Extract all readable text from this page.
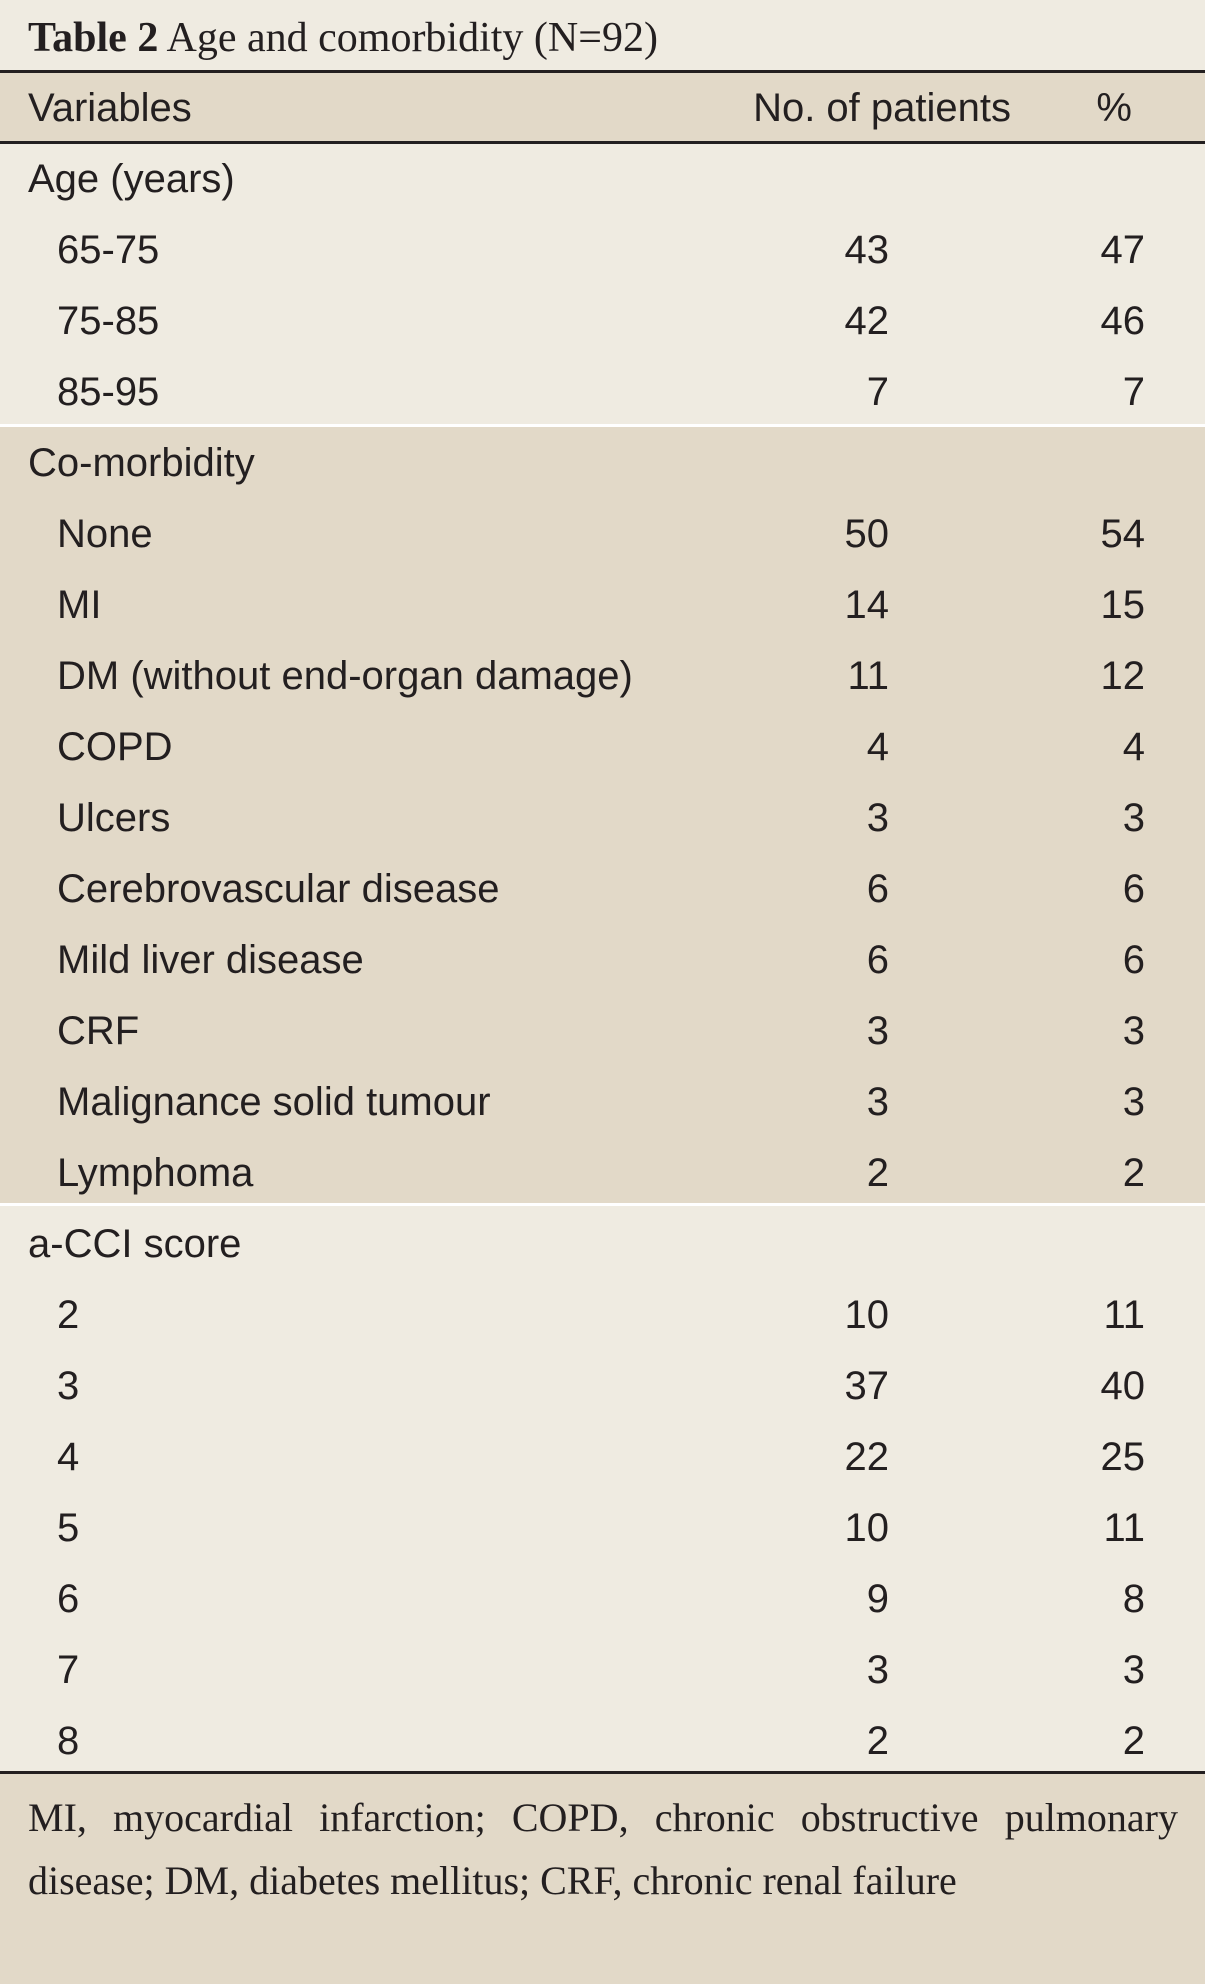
Table 2 Age and comorbidity (N=92)
Variables	No. of patients %
Age (years)
65-75	43	47
75-85	42	46
85-95	7	7
Co-morbidity
None	50	54
MI	14	15
DM (without end-organ damage)	11	12
COPD	4	4
Ulcers	3	3
Cerebrovascular disease	6	6
Mild liver disease	6	6
CRF	3	3
Malignance solid tumour	3	3
Lymphoma	2	2
a-CCI score
2	10	11
3	37	40
4	22	25
5	10	11
6	9	8
7	3	3
8	2	2
MI, myocardial infarction; COPD, chronic obstructive pulmonary disease; DM, diabetes mellitus; CRF, chronic renal failure
